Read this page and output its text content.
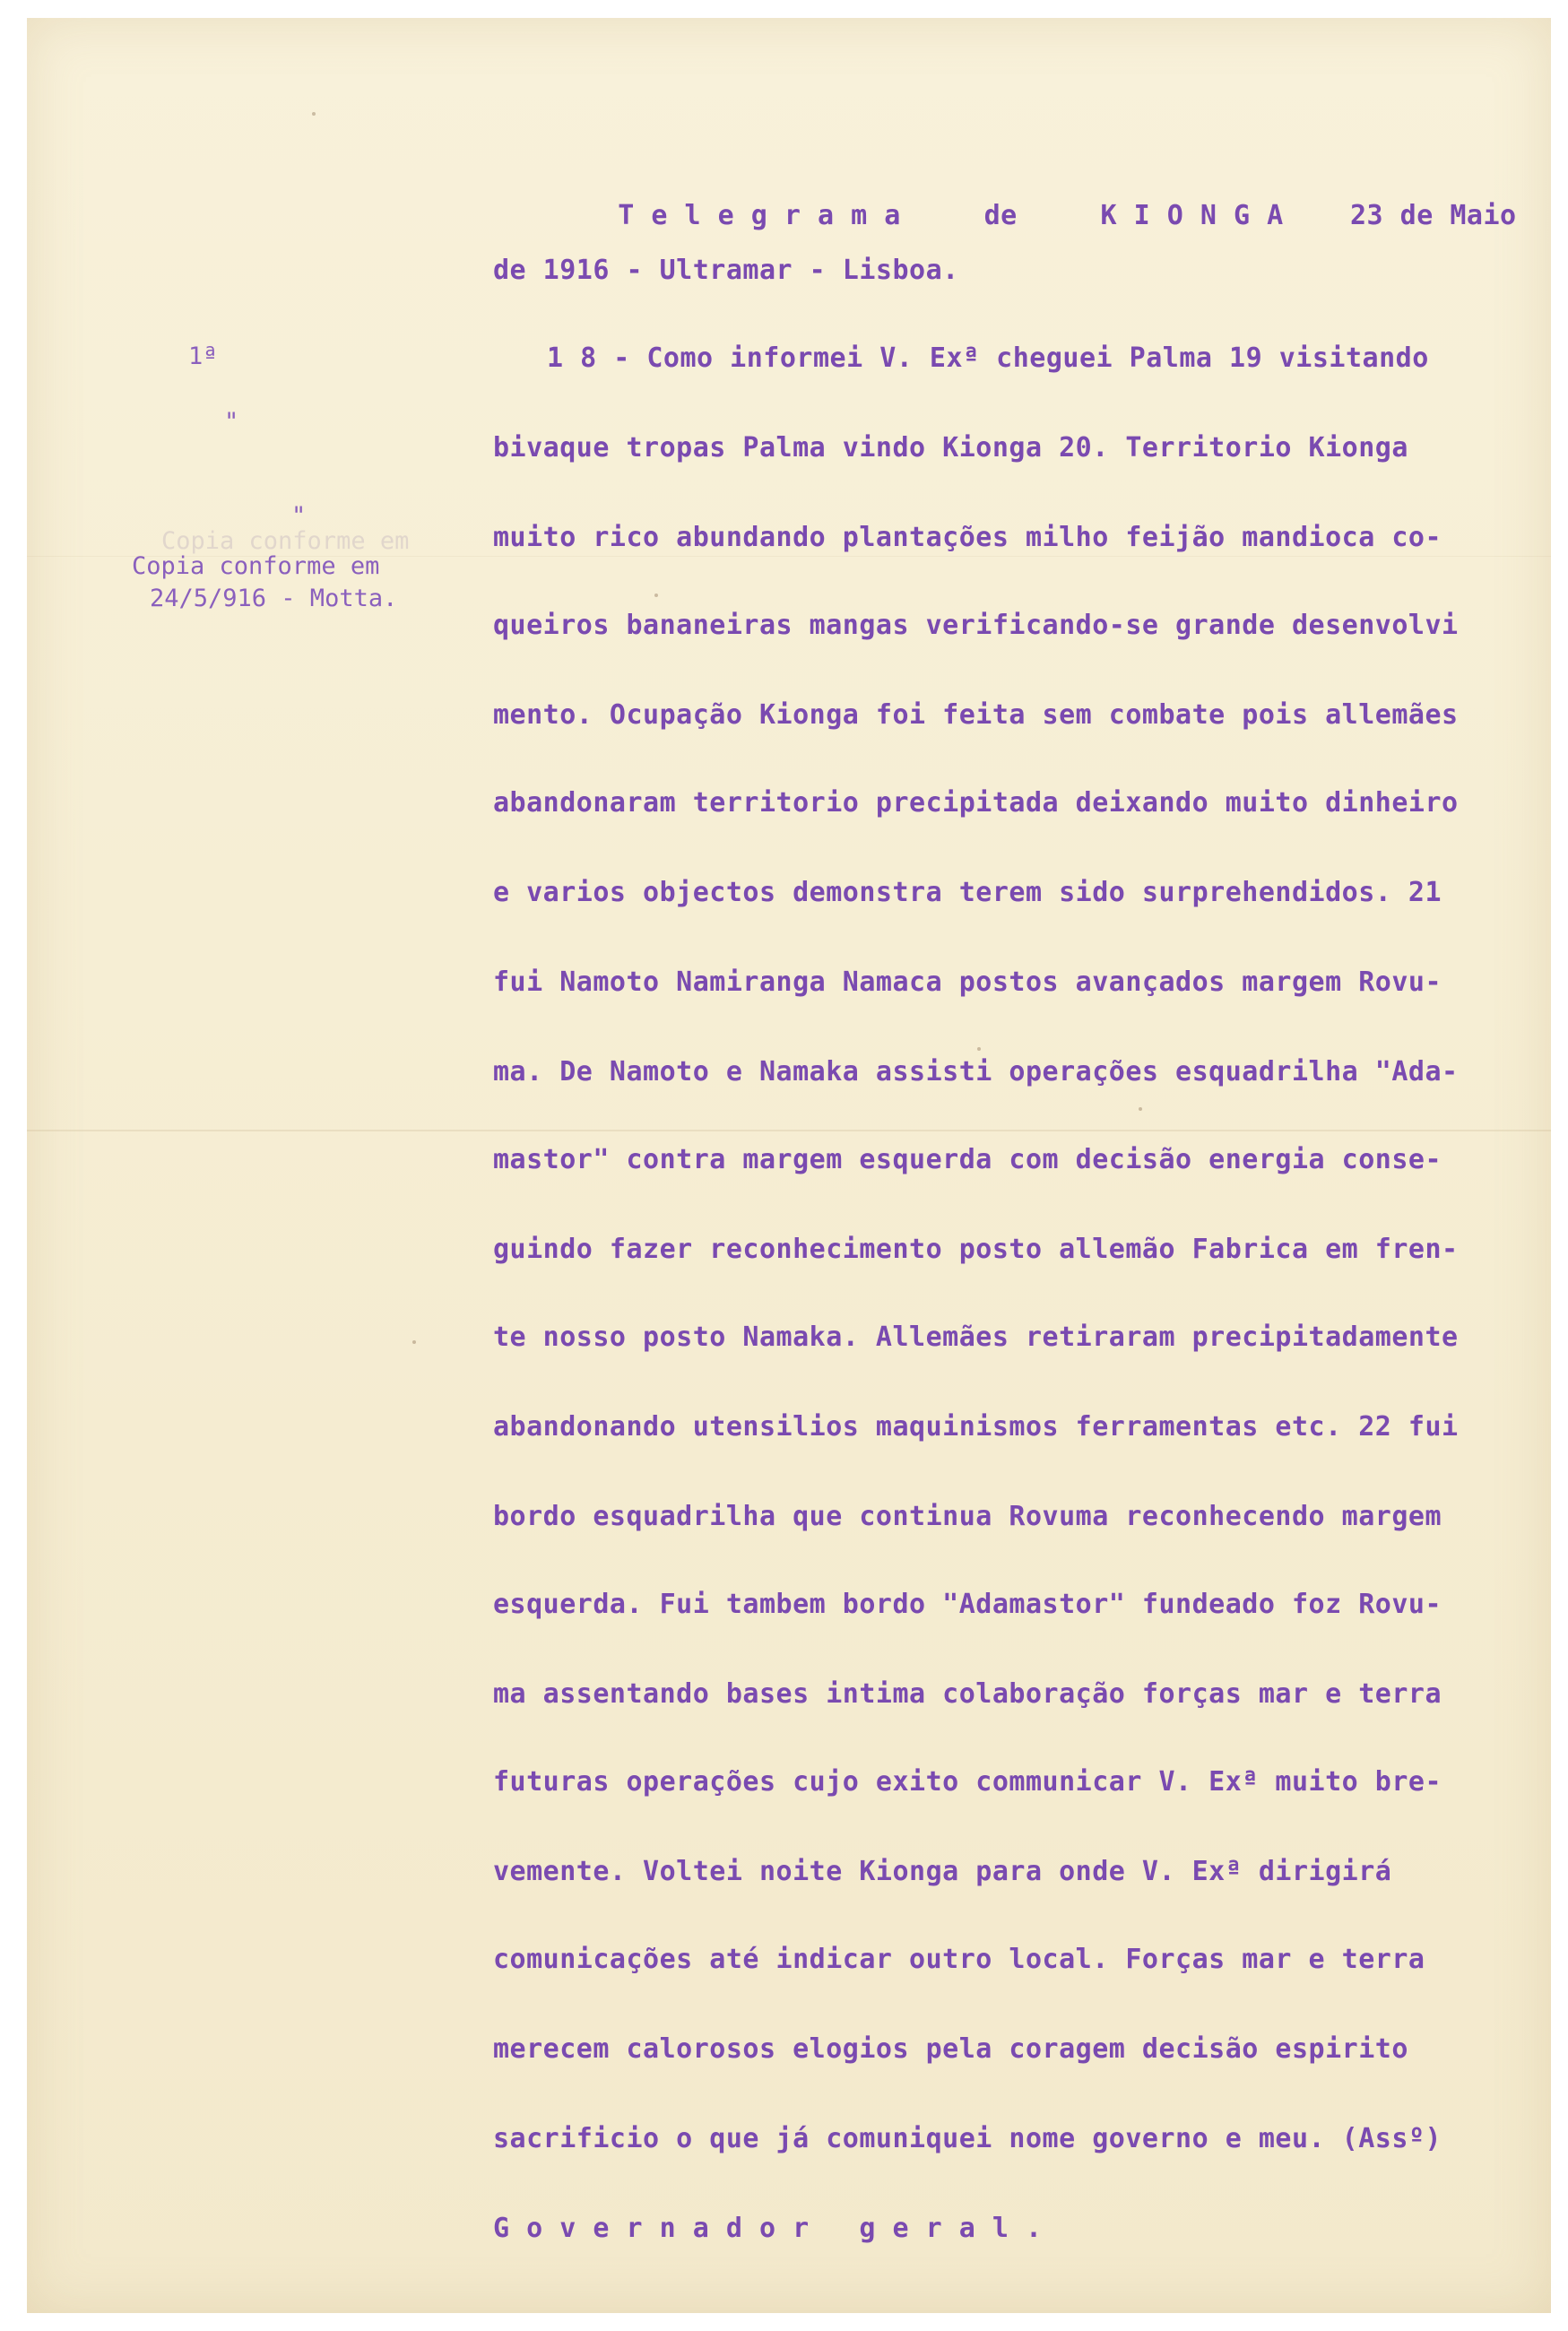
T e l e g r a m a	de	K I O N G A 23 de Maio

de 1916 - Ultramar - Lisboa.
1ª
"
"
Copia conforme em
Copia conforme em
24/5/916 - Motta.
1 8 - Como informei V. Exª cheguei Palma 19 visitando
bivaque tropas Palma vindo Kionga 20. Territorio Kionga
muito rico abundando plantações milho feijão mandioca co-
queiros bananeiras mangas verificando-se grande desenvolvi
mento. Ocupação Kionga foi feita sem combate pois allemães
abandonaram territorio precipitada deixando muito dinheiro
e varios objectos demonstra terem sido surprehendidos. 21
fui Namoto Namiranga Namaca postos avançados margem Rovu-
ma. De Namoto e Namaka assisti operações esquadrilha "Ada-
mastor" contra margem esquerda com decisão energia conse-
guindo fazer reconhecimento posto allemão Fabrica em fren-
te nosso posto Namaka. Allemães retiraram precipitadamente
abandonando utensilios maquinismos ferramentas etc. 22 fui
bordo esquadrilha que continua Rovuma reconhecendo margem
esquerda. Fui tambem bordo "Adamastor" fundeado foz Rovu-
ma assentando bases intima colaboração forças mar e terra
futuras operações cujo exito communicar V. Exª muito bre-
vemente. Voltei noite Kionga para onde V. Exª dirigirá
comunicações até indicar outro local. Forças mar e terra
merecem calorosos elogios pela coragem decisão espirito
sacrificio o que já comuniquei nome governo e meu. (Assº)
G o v e r n a d o r   g e r a l .
